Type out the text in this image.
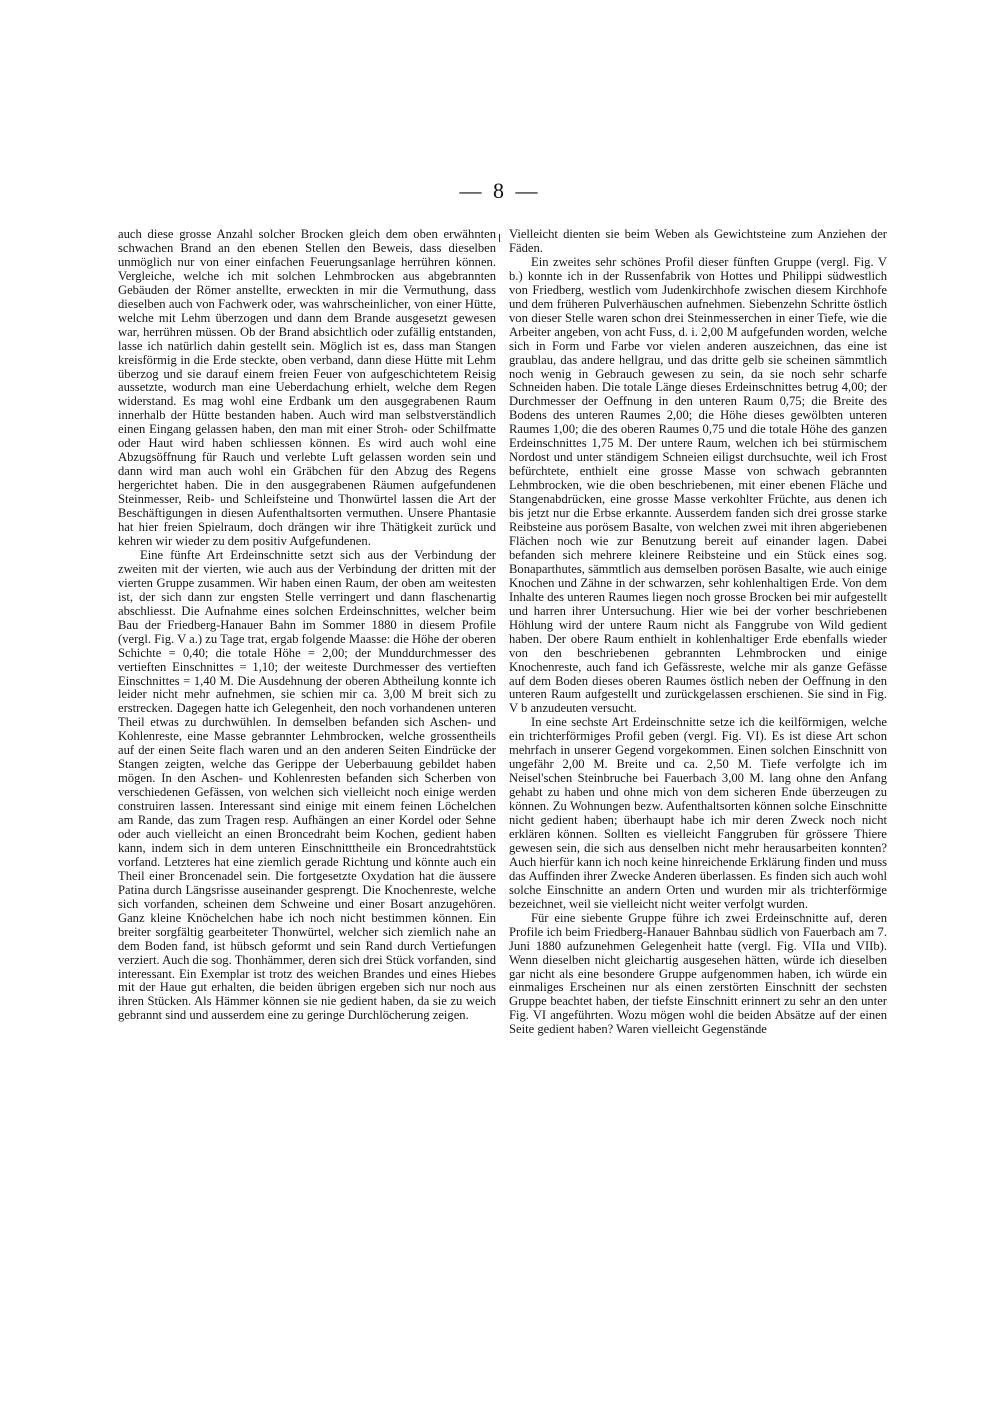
— 8 —

auch diese grosse Anzahl solcher Brocken gleich dem oben erwähnten schwachen Brand an den ebenen Stellen den Beweis, dass dieselben unmöglich nur von einer einfachen Feuerungsanlage herrühren können. Vergleiche, welche ich mit solchen Lehmbrocken aus abgebrannten Gebäuden der Römer anstellte, erweckten in mir die Vermuthung, dass dieselben auch von Fachwerk oder, was wahrscheinlicher, von einer Hütte, welche mit Lehm überzogen und dann dem Brande ausgesetzt gewesen war, herrühren müssen. Ob der Brand absichtlich oder zufällig entstanden, lasse ich natürlich dahin gestellt sein. Möglich ist es, dass man Stangen kreisförmig in die Erde steckte, oben verband, dann diese Hütte mit Lehm überzog und sie darauf einem freien Feuer von aufgeschichtetem Reisig aussetzte, wodurch man eine Ueberdachung erhielt, welche dem Regen widerstand. Es mag wohl eine Erdbank um den ausgegrabenen Raum innerhalb der Hütte bestanden haben. Auch wird man selbstverständlich einen Eingang gelassen haben, den man mit einer Stroh- oder Schilfmatte oder Haut wird haben schliessen können. Es wird auch wohl eine Abzugsöffnung für Rauch und verlebte Luft gelassen worden sein und dann wird man auch wohl ein Gräbchen für den Abzug des Regens hergerichtet haben. Die in den ausgegrabenen Räumen aufgefundenen Steinmesser, Reib- und Schleifsteine und Thonwürtel lassen die Art der Beschäftigungen in diesen Aufenthaltsorten vermuthen. Unsere Phantasie hat hier freien Spielraum, doch drängen wir ihre Thätigkeit zurück und kehren wir wieder zu dem positiv Aufgefundenen.

Eine fünfte Art Erdeinschnitte setzt sich aus der Verbindung der zweiten mit der vierten, wie auch aus der Verbindung der dritten mit der vierten Gruppe zusammen. Wir haben einen Raum, der oben am weitesten ist, der sich dann zur engsten Stelle verringert und dann flaschenartig abschliesst. Die Aufnahme eines solchen Erdeinschnittes, welcher beim Bau der Friedberg-Hanauer Bahn im Sommer 1880 in diesem Profile (vergl. Fig. V a.) zu Tage trat, ergab folgende Maasse: die Höhe der oberen Schichte = 0,40; die totale Höhe = 2,00; der Munddurchmesser des vertieften Einschnittes = 1,10; der weiteste Durchmesser des vertieften Einschnittes = 1,40 M. Die Ausdehnung der oberen Abtheilung konnte ich leider nicht mehr aufnehmen, sie schien mir ca. 3,00 M breit sich zu erstrecken. Dagegen hatte ich Gelegenheit, den noch vorhandenen unteren Theil etwas zu durchwühlen. In demselben befanden sich Aschen- und Kohlenreste, eine Masse gebrannter Lehmbrocken, welche grossentheils auf der einen Seite flach waren und an den anderen Seiten Eindrücke der Stangen zeigten, welche das Gerippe der Ueberbauung gebildet haben mögen. In den Aschen- und Kohlenresten befanden sich Scherben von verschiedenen Gefässen, von welchen sich vielleicht noch einige werden construiren lassen. Interessant sind einige mit einem feinen Löchelchen am Rande, das zum Tragen resp. Aufhängen an einer Kordel oder Sehne oder auch vielleicht an einen Broncedraht beim Kochen, gedient haben kann, indem sich in dem unteren Einschnitttheile ein Broncedrahtstück vorfand. Letzteres hat eine ziemlich gerade Richtung und könnte auch ein Theil einer Broncenadel sein. Die fortgesetzte Oxydation hat die äussere Patina durch Längsrisse auseinander gesprengt. Die Knochenreste, welche sich vorfanden, scheinen dem Schweine und einer Bosart anzugehören. Ganz kleine Knöchelchen habe ich noch nicht bestimmen können. Ein breiter sorgfältig gearbeiteter Thonwürtel, welcher sich ziemlich nahe an dem Boden fand, ist hübsch geformt und sein Rand durch Vertiefungen verziert. Auch die sog. Thonhämmer, deren sich drei Stück vorfanden, sind interessant. Ein Exemplar ist trotz des weichen Brandes und eines Hiebes mit der Haue gut erhalten, die beiden übrigen ergeben sich nur noch aus ihren Stücken. Als Hämmer können sie nie gedient haben, da sie zu weich gebrannt sind und ausserdem eine zu geringe Durchlöcherung zeigen.

Vielleicht dienten sie beim Weben als Gewichtsteine zum Anziehen der Fäden.

Ein zweites sehr schönes Profil dieser fünften Gruppe (vergl. Fig. V b.) konnte ich in der Russenfabrik von Hottes und Philippi südwestlich von Friedberg, westlich vom Judenkirchhofe zwischen diesem Kirchhofe und dem früheren Pulverhäuschen aufnehmen. Siebenzehn Schritte östlich von dieser Stelle waren schon drei Steinmesserchen in einer Tiefe, wie die Arbeiter angeben, von acht Fuss, d. i. 2,00 M aufgefunden worden, welche sich in Form und Farbe vor vielen anderen auszeichnen, das eine ist graublau, das andere hellgrau, und das dritte gelb sie scheinen sämmtlich noch wenig in Gebrauch gewesen zu sein, da sie noch sehr scharfe Schneiden haben. Die totale Länge dieses Erdeinschnittes betrug 4,00; der Durchmesser der Oeffnung in den unteren Raum 0,75; die Breite des Bodens des unteren Raumes 2,00; die Höhe dieses gewölbten unteren Raumes 1,00; die des oberen Raumes 0,75 und die totale Höhe des ganzen Erdeinschnittes 1,75 M. Der untere Raum, welchen ich bei stürmischem Nordost und unter ständigem Schneien eiligst durchsuchte, weil ich Frost befürchtete, enthielt eine grosse Masse von schwach gebrannten Lehmbrocken, wie die oben beschriebenen, mit einer ebenen Fläche und Stangenabdrücken, eine grosse Masse verkohlter Früchte, aus denen ich bis jetzt nur die Erbse erkannte. Ausserdem fanden sich drei grosse starke Reibsteine aus porösem Basalte, von welchen zwei mit ihren abgeriebenen Flächen noch wie zur Benutzung bereit auf einander lagen. Dabei befanden sich mehrere kleinere Reibsteine und ein Stück eines sog. Bonaparthutes, sämmtlich aus demselben porösen Basalte, wie auch einige Knochen und Zähne in der schwarzen, sehr kohlenhaltigen Erde. Von dem Inhalte des unteren Raumes liegen noch grosse Brocken bei mir aufgestellt und harren ihrer Untersuchung. Hier wie bei der vorher beschriebenen Höhlung wird der untere Raum nicht als Fanggrube von Wild gedient haben. Der obere Raum enthielt in kohlenhaltiger Erde ebenfalls wieder von den beschriebenen gebrannten Lehmbrocken und einige Knochenreste, auch fand ich Gefässreste, welche mir als ganze Gefässe auf dem Boden dieses oberen Raumes östlich neben der Oeffnung in den unteren Raum aufgestellt und zurückgelassen erschienen. Sie sind in Fig. V b anzudeuten versucht.

In eine sechste Art Erdeinschnitte setze ich die keilförmigen, welche ein trichterförmiges Profil geben (vergl. Fig. VI). Es ist diese Art schon mehrfach in unserer Gegend vorgekommen. Einen solchen Einschnitt von ungefähr 2,00 M. Breite und ca. 2,50 M. Tiefe verfolgte ich im Neisel'schen Steinbruche bei Fauerbach 3,00 M. lang ohne den Anfang gehabt zu haben und ohne mich von dem sicheren Ende überzeugen zu können. Zu Wohnungen bezw. Aufenthaltsorten können solche Einschnitte nicht gedient haben; überhaupt habe ich mir deren Zweck noch nicht erklären können. Sollten es vielleicht Fanggruben für grössere Thiere gewesen sein, die sich aus denselben nicht mehr herausarbeiten konnten? Auch hierfür kann ich noch keine hinreichende Erklärung finden und muss das Auffinden ihrer Zwecke Anderen überlassen. Es finden sich auch wohl solche Einschnitte an andern Orten und wurden mir als trichterförmige bezeichnet, weil sie vielleicht nicht weiter verfolgt wurden.

Für eine siebente Gruppe führe ich zwei Erdeinschnitte auf, deren Profile ich beim Friedberg-Hanauer Bahnbau südlich von Fauerbach am 7. Juni 1880 aufzunehmen Gelegenheit hatte (vergl. Fig. VIIa und VIIb). Wenn dieselben nicht gleichartig ausgesehen hätten, würde ich dieselben gar nicht als eine besondere Gruppe aufgenommen haben, ich würde ein einmaliges Erscheinen nur als einen zerstörten Einschnitt der sechsten Gruppe beachtet haben, der tiefste Einschnitt erinnert zu sehr an den unter Fig. VI angeführten. Wozu mögen wohl die beiden Absätze auf der einen Seite gedient haben? Waren vielleicht Gegenstände
